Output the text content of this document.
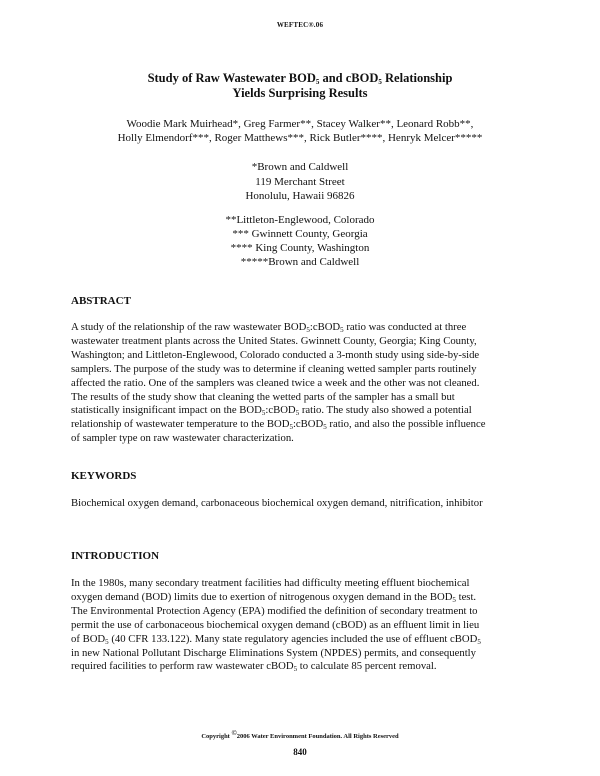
WEFTEC®.06
Study of Raw Wastewater $BOD_5$ and cBOD$_5$ Relationship
Yields Surprising Results
Woodie Mark Muirhead*, Greg Farmer**, Stacey Walker**, Leonard Robb**,
Holly Elmendorf***, Roger Matthews***, Rick Butler****, Henryk Melcer*****
*Brown and Caldwell
119 Merchant Street
Honolulu, Hawaii 96826
**Littleton-Englewood, Colorado
*** Gwinnett County, Georgia
**** King County, Washington
*****Brown and Caldwell
ABSTRACT
A study of the relationship of the raw wastewater $BOD_5:cBOD_5$ ratio was conducted at three
wastewater treatment plants across the United States. Gwinnett County, Georgia; King County,
Washington; and Littleton-Englewood, Colorado conducted a 3-month study using side-by-side
samplers. The purpose of the study was to determine if cleaning wetted sampler parts routinely
affected the ratio. One of the samplers was cleaned twice a week and the other was not cleaned.
The results of the study show that cleaning the wetted parts of the sampler has a small but
statistically insignificant impact on the $BOD_5:cBOD_5$ ratio. The study also showed a potential
relationship of wastewater temperature to the $BOD_5:cBOD_5$ ratio, and also the possible influence
of sampler type on raw wastewater characterization.
KEYWORDS
Biochemical oxygen demand, carbonaceous biochemical oxygen demand, nitrification, inhibitor
INTRODUCTION
In the 1980s, many secondary treatment facilities had difficulty meeting effluent biochemical
oxygen demand (BOD) limits due to exertion of nitrogenous oxygen demand in the $BOD_5$ test.
The Environmental Protection Agency (EPA) modified the definition of secondary treatment to
permit the use of carbonaceous biochemical oxygen demand (cBOD) as an effluent limit in lieu
of $BOD_5$ (40 CFR 133.122). Many state regulatory agencies included the use of effluent cBOD$_5$
in new National Pollutant Discharge Eliminations System (NPDES) permits, and consequently
required facilities to perform raw wastewater cBOD$_5$ to calculate 85 percent removal.
Copyright ©2006 Water Environment Foundation. All Rights Reserved
840
